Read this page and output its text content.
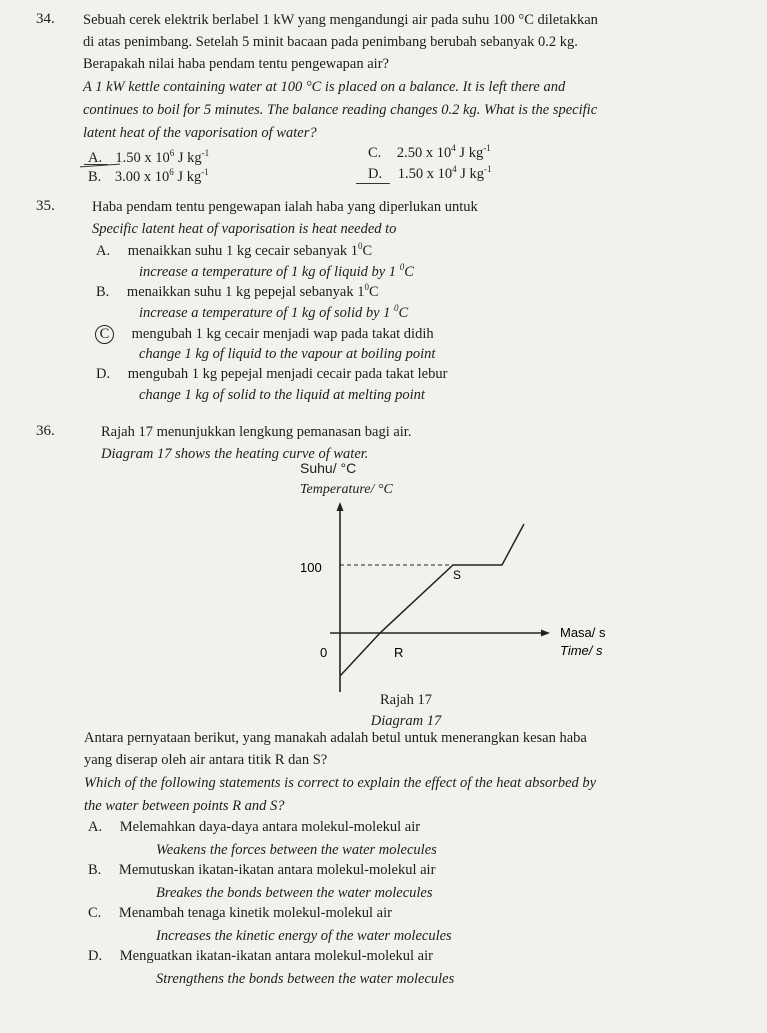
34. Sebuah cerek elektrik berlabel 1 kW yang mengandungi air pada suhu 100 °C diletakkan
di atas penimbang. Setelah 5 minit bacaan pada penimbang berubah sebanyak 0.2 kg.
Berapakah nilai haba pendam tentu pengewapan air?
A 1 kW kettle containing water at 100 °C is placed on a balance. It is left there and
continues to boil for 5 minutes. The balance reading changes 0.2 kg. What is the specific
latent heat of the vaporisation of water?
A. 1.50 x $10^6$ J $kg^{-1}$
B. 3.00 x $10^6$ J $kg^{-1}$
C. 2.50 x $10^4$ J $kg^{-1}$
D. 1.50 x $10^4$ J $kg^{-1}$
35.	Haba pendam tentu pengewapan ialah haba yang diperlukan untuk
Specific latent heat of vaporisation is heat needed to
A. menaikkan suhu 1 kg cecair sebanyak $1^0C$
increase a temperature of 1 kg of liquid by 1 $^0$C
B. menaikkan suhu 1 kg pepejal sebanyak $1^0C$
increase a temperature of 1 kg of solid by 1 $^0$C
C mengubah 1 kg cecair menjadi wap pada takat didih
change 1 kg of liquid to the vapour at boiling point
D. mengubah 1 kg pepejal menjadi cecair pada takat lebur
change 1 kg of solid to the liquid at melting point
36.	Rajah 17 menunjukkan lengkung pemanasan bagi air.
Diagram 17 shows the heating curve of water.
Suhu/ °C
Temperature/ °C
100
0	R
S
Masa/ s
Time/ s
Rajah 17
Diagram 17
Antara pernyataan berikut, yang manakah adalah betul untuk menerangkan kesan haba
yang diserap oleh air antara titik R dan S?
Which of the following statements is correct to explain the effect of the heat absorbed by
the water between points R and S?
A. Melemahkan daya-daya antara molekul-molekul air
Weakens the forces between the water molecules
B. Memutuskan ikatan-ikatan antara molekul-molekul air
Breakes the bonds between the water molecules
C. Menambah tenaga kinetik molekul-molekul air
Increases the kinetic energy of the water molecules
D. Menguatkan ikatan-ikatan antara molekul-molekul air
Strengthens the bonds between the water molecules
